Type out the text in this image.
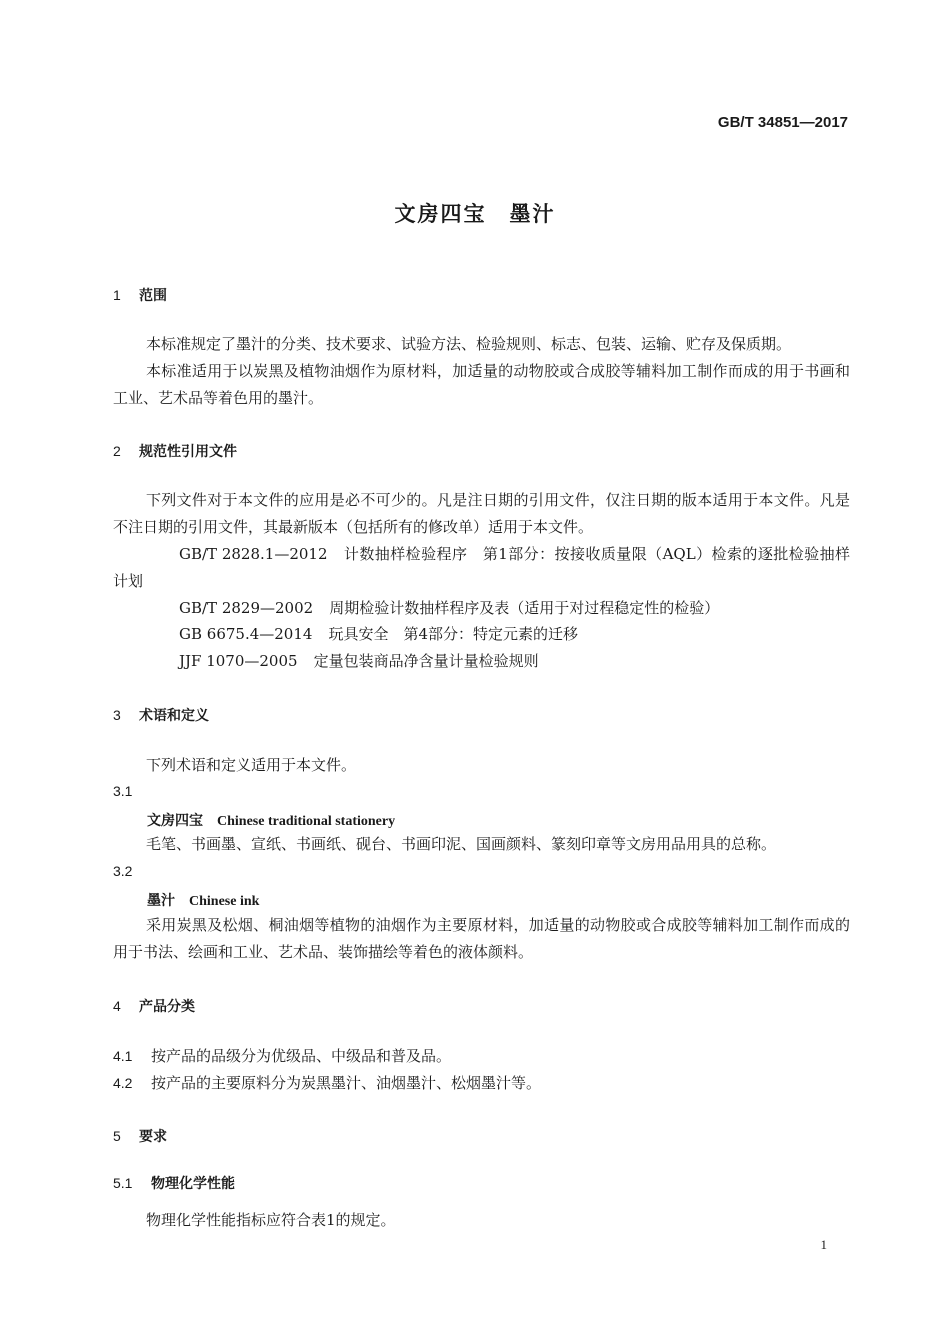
GB/T 34851—2017
文房四宝　墨汁
1 范围
本标准规定了墨汁的分类、技术要求、试验方法、检验规则、标志、包装、运输、贮存及保质期。
本标准适用于以炭黑及植物油烟作为原材料，加适量的动物胶或合成胶等辅料加工制作而成的用于书画和工业、艺术品等着色用的墨汁。
2 规范性引用文件
下列文件对于本文件的应用是必不可少的。凡是注日期的引用文件，仅注日期的版本适用于本文件。凡是不注日期的引用文件，其最新版本（包括所有的修改单）适用于本文件。
GB/T 2828.1—2012 计数抽样检验程序　第1部分：按接收质量限（AQL）检索的逐批检验抽样计划
GB/T 2829—2002 周期检验计数抽样程序及表（适用于对过程稳定性的检验）
GB 6675.4—2014 玩具安全　第4部分：特定元素的迁移
JJF 1070—2005 定量包装商品净含量计量检验规则
3 术语和定义
下列术语和定义适用于本文件。
3.1
文房四宝 Chinese traditional stationery
毛笔、书画墨、宣纸、书画纸、砚台、书画印泥、国画颜料、篆刻印章等文房用品用具的总称。
3.2
墨汁 Chinese ink
采用炭黑及松烟、桐油烟等植物的油烟作为主要原材料，加适量的动物胶或合成胶等辅料加工制作而成的用于书法、绘画和工业、艺术品、装饰描绘等着色的液体颜料。
4 产品分类
4.1 按产品的品级分为优级品、中级品和普及品。
4.2 按产品的主要原料分为炭黑墨汁、油烟墨汁、松烟墨汁等。
5 要求
5.1 物理化学性能
物理化学性能指标应符合表1的规定。
1
